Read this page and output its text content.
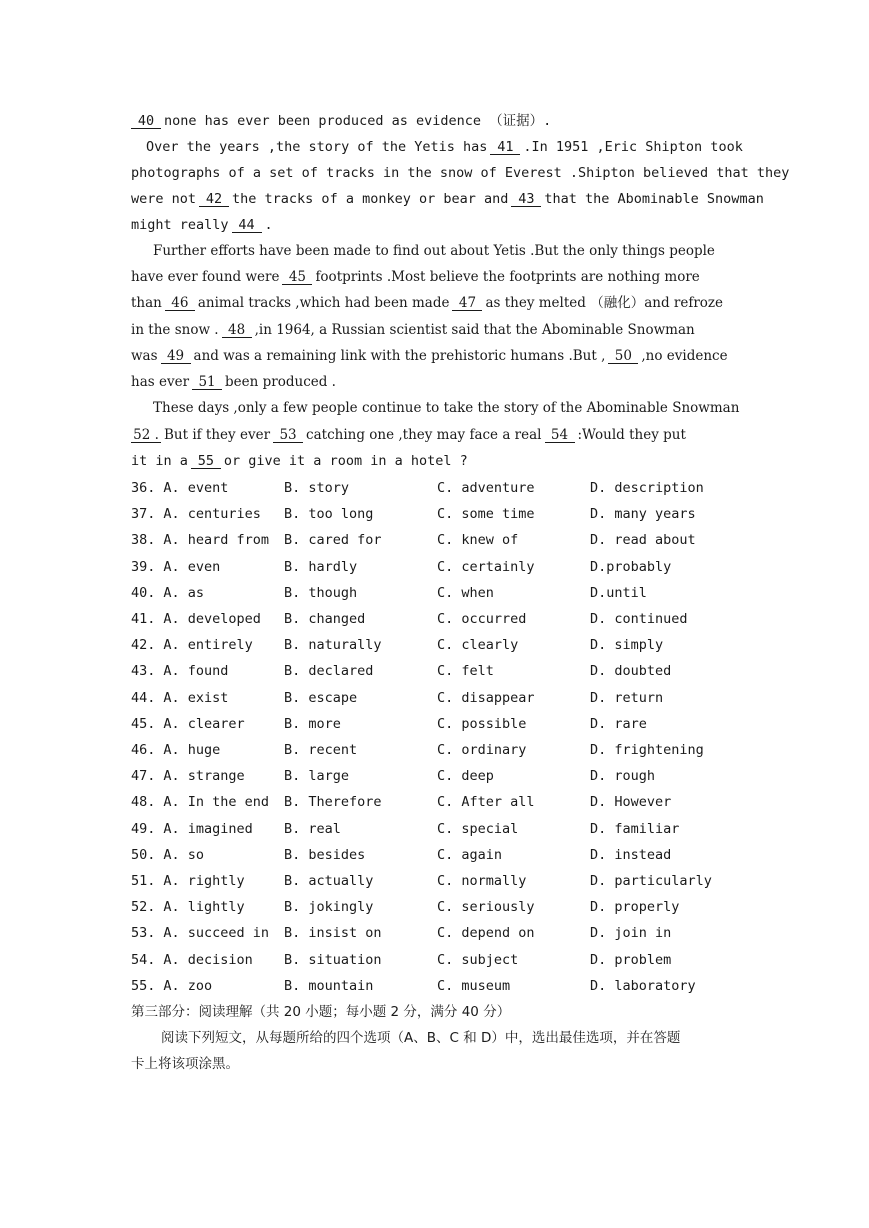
40 none has ever been produced as evidence （证据）.
Over the years ,the story of the Yetis has 41 .In 1951 ,Eric Shipton took
photographs of a set of tracks in the snow of Everest .Shipton believed that they
were not 42 the tracks of a monkey or bear and 43 that the Abominable Snowman
might really 44 .
Further efforts have been made to find out about Yetis .But the only things people
have ever found were 45 footprints .Most believe the footprints are nothing more
than 46 animal tracks ,which had been made 47 as they melted （融化）and refroze
in the snow . 48 ,in 1964, a Russian scientist said that the Abominable Snowman
was 49 and was a remaining link with the prehistoric humans .But , 50 ,no evidence
has ever 51 been produced .
These days ,only a few people continue to take the story of the Abominable Snowman
52 . But if they ever 53 catching one ,they may face a real 54 :Would they put
it in a 55 or give it a room in a hotel ?
36. A. event	B. story	C. adventure	D. description
37. A. centuries B. too long	C. some time	D. many years
38. A. heard from B. cared for	C. knew of	D. read about
39. A. even	B. hardly	C. certainly	D.probably
40. A. as	B. though	C. when	D.until
41. A. developed B. changed	C. occurred	D. continued
42. A. entirely B. naturally	C. clearly	D. simply
43. A. found	B. declared	C. felt	D. doubted
44. A. exist	B. escape	C. disappear	D. return
45. A. clearer	B. more	C. possible	D. rare
46. A. huge	B. recent	C. ordinary	D. frightening
47. A. strange	B. large	C. deep	D. rough
48. A. In the end B. Therefore	C. After all	D. However
49. A. imagined B. real	C. special	D. familiar
50. A. so	B. besides	C. again	D. instead
51. A. rightly	B. actually	C. normally	D. particularly
52. A. lightly	B. jokingly	C. seriously	D. properly
53. A. succeed in B. insist on	C. depend on	D. join in
54. A. decision B. situation	C. subject	D. problem
55. A. zoo	B. mountain	C. museum	D. laboratory
第三部分：阅读理解（共 20 小题；每小题 2 分，满分 40 分）
阅读下列短文，从每题所给的四个选项（A、B、C 和 D）中，选出最佳选项，并在答题
卡上将该项涂黑。
